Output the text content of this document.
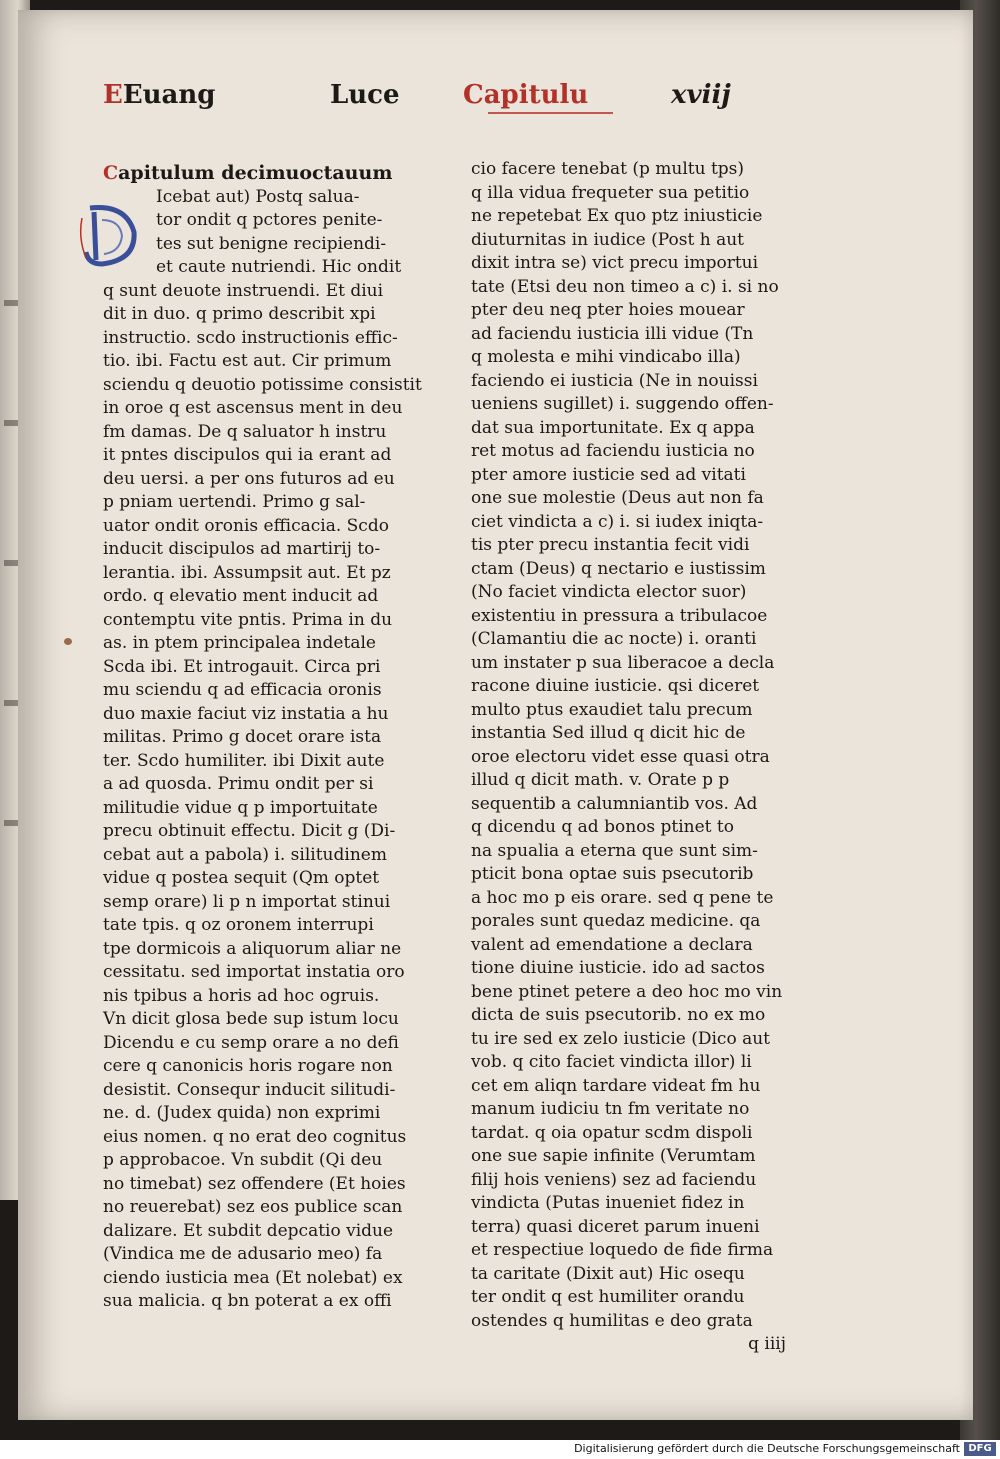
EEuang	Luce Capitulu	xviij
Capitulum decimuoctauum
Icebat aut) Postq salua-
tor ondit q pctores penite-
tes sut benigne recipiendi-
et caute nutriendi. Hic ondit
q sunt deuote instruendi. Et diui
dit in duo. q primo describit xpi
instructio. scdo instructionis effic-
tio. ibi. Factu est aut. Cir primum
sciendu q deuotio potissime consistit
in oroe q est ascensus ment in deu
fm damas. De q saluator h instru
it pntes discipulos qui ia erant ad
deu uersi. a per ons futuros ad eu
p pniam uertendi. Primo g sal-
uator ondit oronis efficacia. Scdo
inducit discipulos ad martirij to-
lerantia. ibi. Assumpsit aut. Et pz
ordo. q elevatio ment inducit ad
contemptu vite pntis. Prima in du
as. in ptem principalea indetale
Scda ibi. Et introgauit. Circa pri
mu sciendu q ad efficacia oronis
duo maxie faciut viz instatia a hu
militas. Primo g docet orare ista
ter. Scdo humiliter. ibi Dixit aute
a ad quosda. Primu ondit per si
militudie vidue q p importuitate
precu obtinuit effectu. Dicit g (Di-
cebat aut a pabola) i. silitudinem
vidue q postea sequit (Qm optet
semp orare) li p n importat stinui
tate tpis. q oz oronem interrupi
tpe dormicois a aliquorum aliar ne
cessitatu. sed importat instatia oro
nis tpibus a horis ad hoc ogruis.
Vn dicit glosa bede sup istum locu
Dicendu e cu semp orare a no defi
cere q canonicis horis rogare non
desistit. Consequr inducit silitudi-
ne. d. (Judex quida) non exprimi
eius nomen. q no erat deo cognitus
p approbacoe. Vn subdit (Qi deu
no timebat) sez offendere (Et hoies
no reuerebat) sez eos publice scan
dalizare. Et subdit depcatio vidue
(Vindica me de adusario meo) fa
ciendo iusticia mea (Et nolebat) ex
sua malicia. q bn poterat a ex offi
cio facere tenebat (p multu tps)
q illa vidua frequeter sua petitio
ne repetebat Ex quo ptz iniusticie
diuturnitas in iudice (Post h aut
dixit intra se) vict precu importui
tate (Etsi deu non timeo a c) i. si no
pter deu neq pter hoies mouear
ad faciendu iusticia illi vidue (Tn
q molesta e mihi vindicabo illa)
faciendo ei iusticia (Ne in nouissi
ueniens sugillet) i. suggendo offen-
dat sua importunitate. Ex q appa
ret motus ad faciendu iusticia no
pter amore iusticie sed ad vitati
one sue molestie (Deus aut non fa
ciet vindicta a c) i. si iudex iniqta-
tis pter precu instantia fecit vidi
ctam (Deus) q nectario e iustissim
(No faciet vindicta elector suor)
existentiu in pressura a tribulacoe
(Clamantiu die ac nocte) i. oranti
um instater p sua liberacoe a decla
racone diuine iusticie. qsi diceret
multo ptus exaudiet talu precum
instantia Sed illud q dicit hic de
oroe electoru videt esse quasi otra
illud q dicit math. v. Orate p p
sequentib a calumniantib vos. Ad
q dicendu q ad bonos ptinet to
na spualia a eterna que sunt sim-
pticit bona optae suis psecutorib
a hoc mo p eis orare. sed q pene te
porales sunt quedaz medicine. qa
valent ad emendatione a declara
tione diuine iusticie. ido ad sactos
bene ptinet petere a deo hoc mo vin
dicta de suis psecutorib. no ex mo
tu ire sed ex zelo iusticie (Dico aut
vob. q cito faciet vindicta illor) li
cet em aliqn tardare videat fm hu
manum iudiciu tn fm veritate no
tardat. q oia opatur scdm dispoli
one sue sapie infinite (Verumtam
filij hois veniens) sez ad faciendu
vindicta (Putas inueniet fidez in
terra) quasi diceret parum inueni
et respectiue loquedo de fide firma
ta caritate (Dixit aut) Hic osequ
ter ondit q est humiliter orandu
ostendes q humilitas e deo grata
q iiij
Digitalisierung gefördert durch die Deutsche Forschungsgemeinschaft DFG
